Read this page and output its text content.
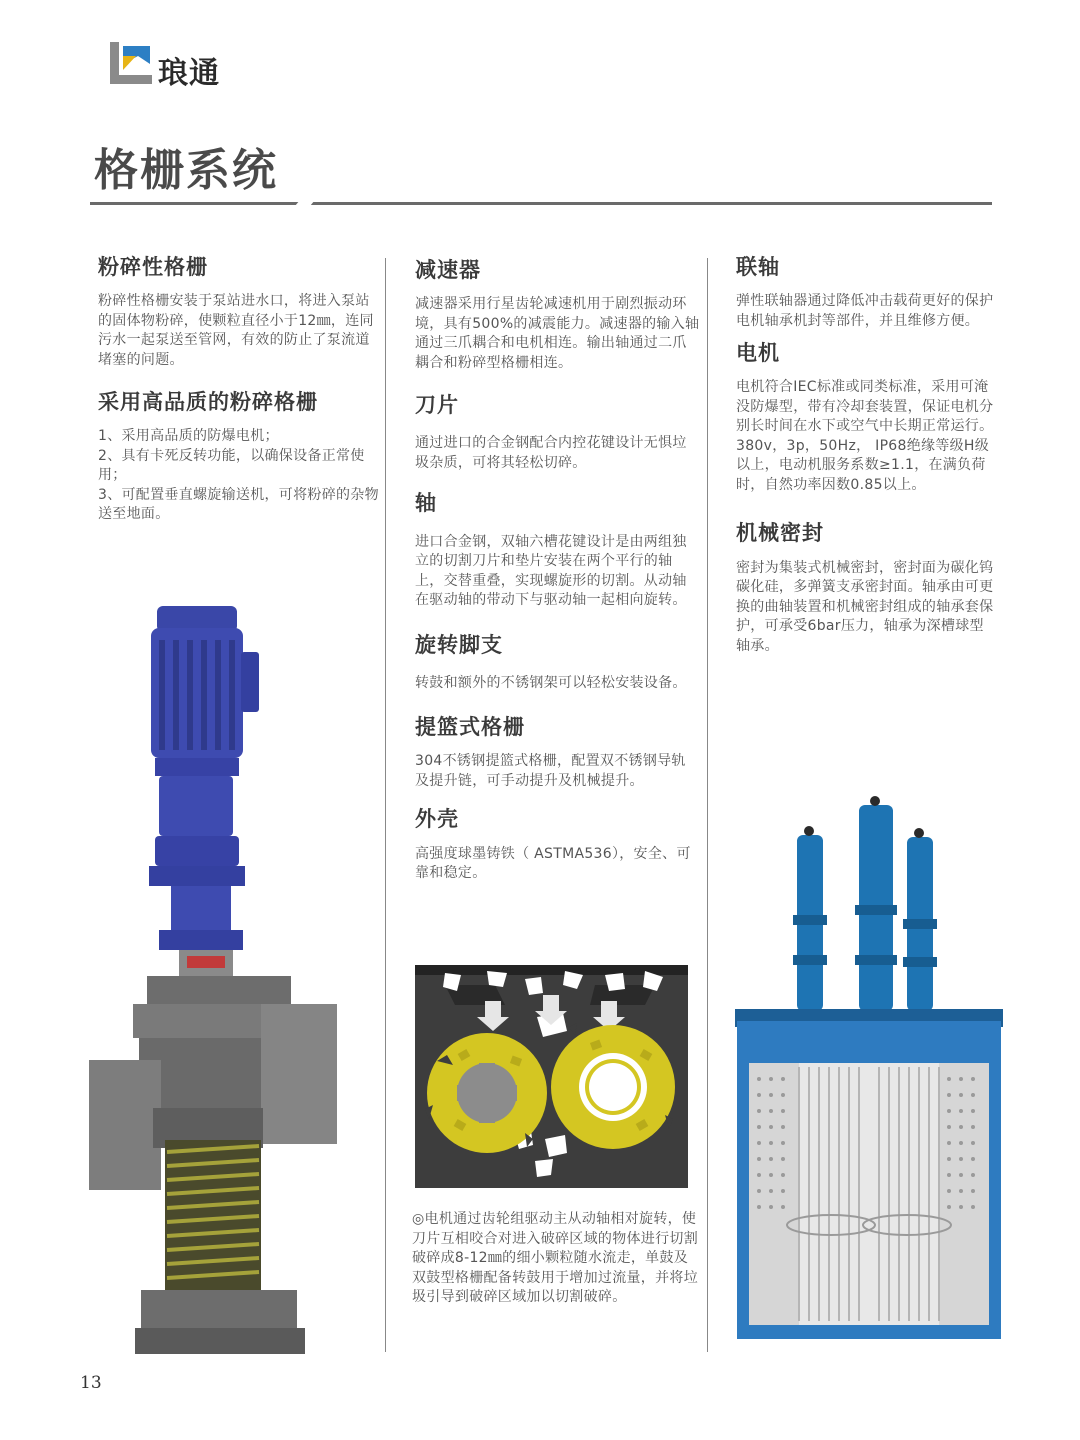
琅通
格栅系统
粉碎性格栅
粉碎性格栅安装于泵站进水口，将进入泵站的固体物粉碎，使颗粒直径小于12㎜，连同污水一起泵送至管网，有效的防止了泵流道堵塞的问题。
采用高品质的粉碎格栅
1、采用高品质的防爆电机；
2、具有卡死反转功能，以确保设备正常使用；
3、可配置垂直螺旋输送机，可将粉碎的杂物送至地面。
减速器
减速器采用行星齿轮减速机用于剧烈振动环境，具有500%的减震能力。减速器的输入轴通过三爪耦合和电机相连。输出轴通过二爪耦合和粉碎型格栅相连。
刀片
通过进口的合金钢配合内控花键设计无惧垃圾杂质，可将其轻松切碎。
轴
进口合金钢，双轴六槽花键设计是由两组独立的切割刀片和垫片安装在两个平行的轴上，交替重叠，实现螺旋形的切割。从动轴在驱动轴的带动下与驱动轴一起相向旋转。
旋转脚支
转鼓和额外的不锈钢架可以轻松安装设备。
提篮式格栅
304不锈钢提篮式格栅，配置双不锈钢导轨及提升链，可手动提升及机械提升。
外壳
高强度球墨铸铁（ ASTMA536），安全、可靠和稳定。
◎电机通过齿轮组驱动主从动轴相对旋转，使刀片互相咬合对进入破碎区域的物体进行切割破碎成8-12㎜的细小颗粒随水流走，单鼓及双鼓型格栅配备转鼓用于增加过流量，并将垃圾引导到破碎区域加以切割破碎。
联轴
弹性联轴器通过降低冲击载荷更好的保护电机轴承机封等部件，并且维修方便。
电机
电机符合IEC标准或同类标准，采用可淹没防爆型，带有冷却套装置，保证电机分别长时间在水下或空气中长期正常运行。
380v，3p，50Hz， IP68绝缘等级H级以上，电动机服务系数≥1.1，在满负荷时，自然功率因数0.85以上。
机械密封
密封为集装式机械密封，密封面为碳化钨碳化硅，多弹簧支承密封面。轴承由可更换的曲轴装置和机械密封组成的轴承套保护，可承受6bar压力，轴承为深槽球型轴承。
13
